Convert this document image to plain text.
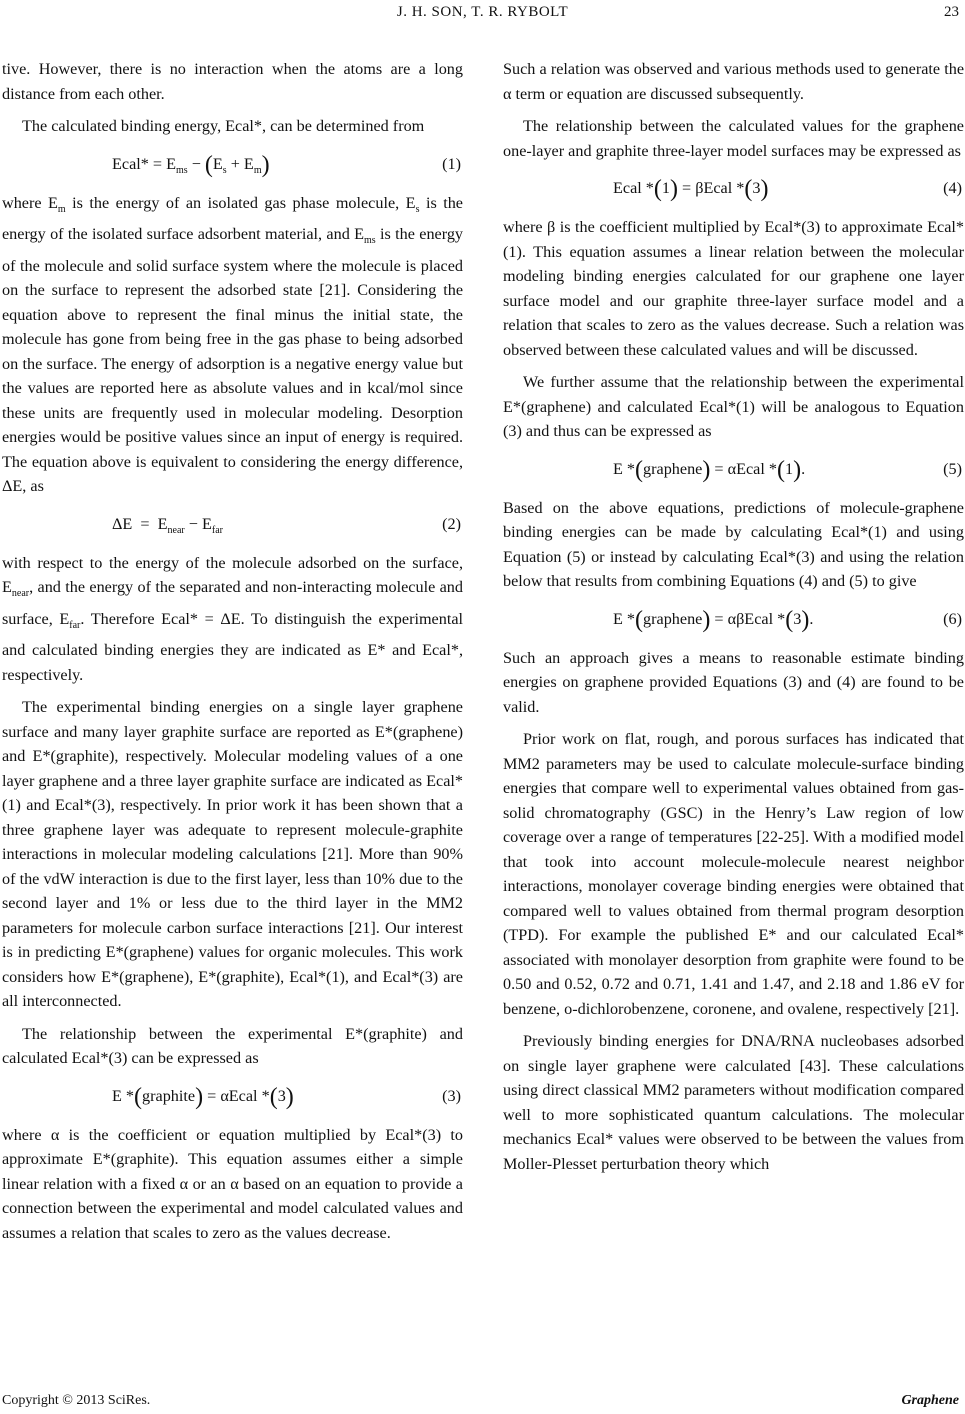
J. H. SON, T. R. RYBOLT	23

tive. However, there is no interaction when the atoms are a long distance from each other.

The calculated binding energy, Ecal*, can be determined from

Ecal* = $E_{ms} - (E_s + E_m)$	(1)

where $E_m$ is the energy of an isolated gas phase molecule, $E_s$ is the energy of the isolated surface adsorbent material, and $E_{ms}$ is the energy of the molecule and solid surface system where the molecule is placed on the surface to represent the adsorbed state [21]. Considering the equation above to represent the final minus the initial state, the molecule has gone from being free in the gas phase to being adsorbed on the surface. The energy of adsorption is a negative energy value but the values are reported here as absolute values and in kcal/mol since these units are frequently used in molecular modeling. Desorption energies would be positive values since an input of energy is required. The equation above is equivalent to considering the energy difference, ΔE, as

$\Delta E = E_{near} - E_{far}$	(2)

with respect to the energy of the molecule adsorbed on the surface, $E_{near}$, and the energy of the separated and non-interacting molecule and surface, $E_{far}$. Therefore Ecal* = ΔE. To distinguish the experimental and calculated binding energies they are indicated as E* and Ecal*, respectively.

The experimental binding energies on a single layer graphene surface and many layer graphite surface are reported as E*(graphene) and E*(graphite), respectively. Molecular modeling values of a one layer graphene and a three layer graphite surface are indicated as Ecal*(1) and Ecal*(3), respectively. In prior work it has been shown that a three graphene layer was adequate to represent molecule-graphite interactions in molecular modeling calculations [21]. More than 90% of the vdW interaction is due to the first layer, less than 10% due to the second layer and 1% or less due to the third layer in the MM2 parameters for molecule carbon surface interactions [21]. Our interest is in predicting E*(graphene) values for organic molecules. This work considers how E*(graphene), E*(graphite), Ecal*(1), and Ecal*(3) are all interconnected.

The relationship between the experimental E*(graphite) and calculated Ecal*(3) can be expressed as

E *(graphite) = αEcal *(3)	(3)

where α is the coefficient or equation multiplied by Ecal*(3) to approximate E*(graphite). This equation assumes either a simple linear relation with a fixed α or an α based on an equation to provide a connection between the experimental and model calculated values and assumes a relation that scales to zero as the values decrease.

Such a relation was observed and various methods used to generate the α term or equation are discussed subsequently.

The relationship between the calculated values for the graphene one-layer and graphite three-layer model surfaces may be expressed as

Ecal *(1) = βEcal *(3)	(4)

where β is the coefficient multiplied by Ecal*(3) to approximate Ecal*(1). This equation assumes a linear relation between the molecular modeling binding energies calculated for our graphene one layer surface model and our graphite three-layer surface model and a relation that scales to zero as the values decrease. Such a relation was observed between these calculated values and will be discussed.

We further assume that the relationship between the experimental E*(graphene) and calculated Ecal*(1) will be analogous to Equation (3) and thus can be expressed as

E *(graphene) = αEcal *(1).	(5)

Based on the above equations, predictions of molecule-graphene binding energies can be made by calculating Ecal*(1) and using Equation (5) or instead by calculating Ecal*(3) and using the relation below that results from combining Equations (4) and (5) to give

E *(graphene) = αβEcal *(3).	(6)

Such an approach gives a means to reasonable estimate binding energies on graphene provided Equations (3) and (4) are found to be valid.

Prior work on flat, rough, and porous surfaces has indicated that MM2 parameters may be used to calculate molecule-surface binding energies that compare well to experimental values obtained from gas-solid chromatography (GSC) in the Henry’s Law region of low coverage over a range of temperatures [22-25]. With a modified model that took into account molecule-molecule nearest neighbor interactions, monolayer coverage binding energies were obtained that compared well to values obtained from thermal program desorption (TPD). For example the published E* and our calculated Ecal* associated with monolayer desorption from graphite were found to be 0.50 and 0.52, 0.72 and 0.71, 1.41 and 1.47, and 2.18 and 1.86 eV for benzene, o-dichlorobenzene, coronene, and ovalene, respectively [21].

Previously binding energies for DNA/RNA nucleobases adsorbed on single layer graphene were calculated [43]. These calculations using direct classical MM2 parameters without modification compared well to more sophisticated quantum calculations. The molecular mechanics Ecal* values were observed to be between the values from Moller-Plesset perturbation theory which

Copyright © 2013 SciRes.	Graphene
